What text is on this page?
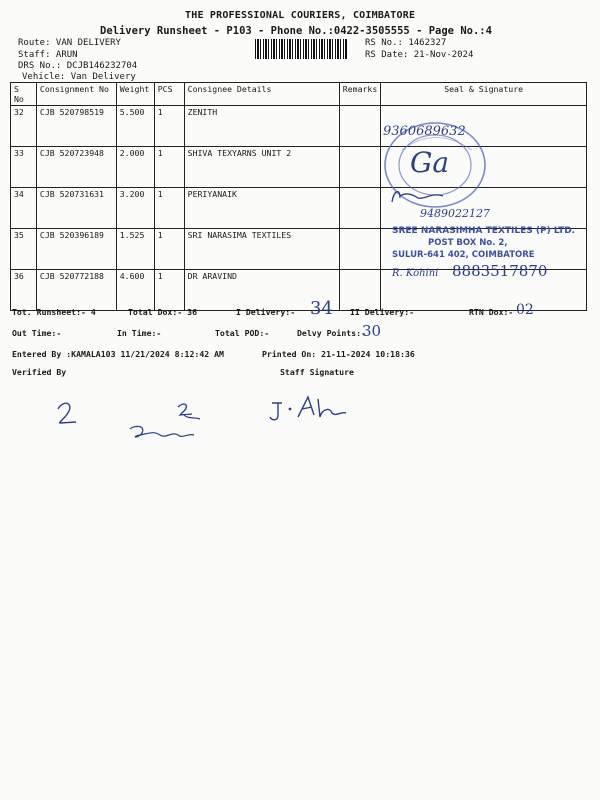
THE PROFESSIONAL COURIERS, COIMBATORE
Delivery Runsheet - P103 - Phone No.:0422-3505555 - Page No.:4
Route: VAN DELIVERY
Staff: ARUN
DRS No.: DCJB146232704
Vehicle: Van Delivery
RS No.: 1462327
RS Date: 21-Nov-2024
S No	Consignment No	Weight	PCS	Consignee Details	Remarks	Seal & Signature
32	CJB 520798519	5.500	1	ZENITH		
33	CJB 520723948	2.000	1	SHIVA TEXYARNS UNIT 2		
34	CJB 520731631	3.200	1	PERIYANAIK		
35	CJB 520396189	1.525	1	SRI NARASIMA TEXTILES		
36	CJB 520772188	4.600	1	DR ARAVIND		
9360689632
Ga
9489022127
SREE NARASIMHA TEXTILES (P) LTD.
POST BOX No. 2,
SULUR-641 402, COIMBATORE
R. Kohini 8883517870
Tot. Runsheet:- 4	Total Dox:- 36	I Delivery:- 34 II Delivery:-	RTN Dox:- 02
Out Time:-	In Time:-	Total POD:-	Delvy Points:-
30
Entered By :KAMALA103 11/21/2024 8:12:42 AM	Printed On: 21-11-2024 10:18:36
Verified By	Staff Signature
